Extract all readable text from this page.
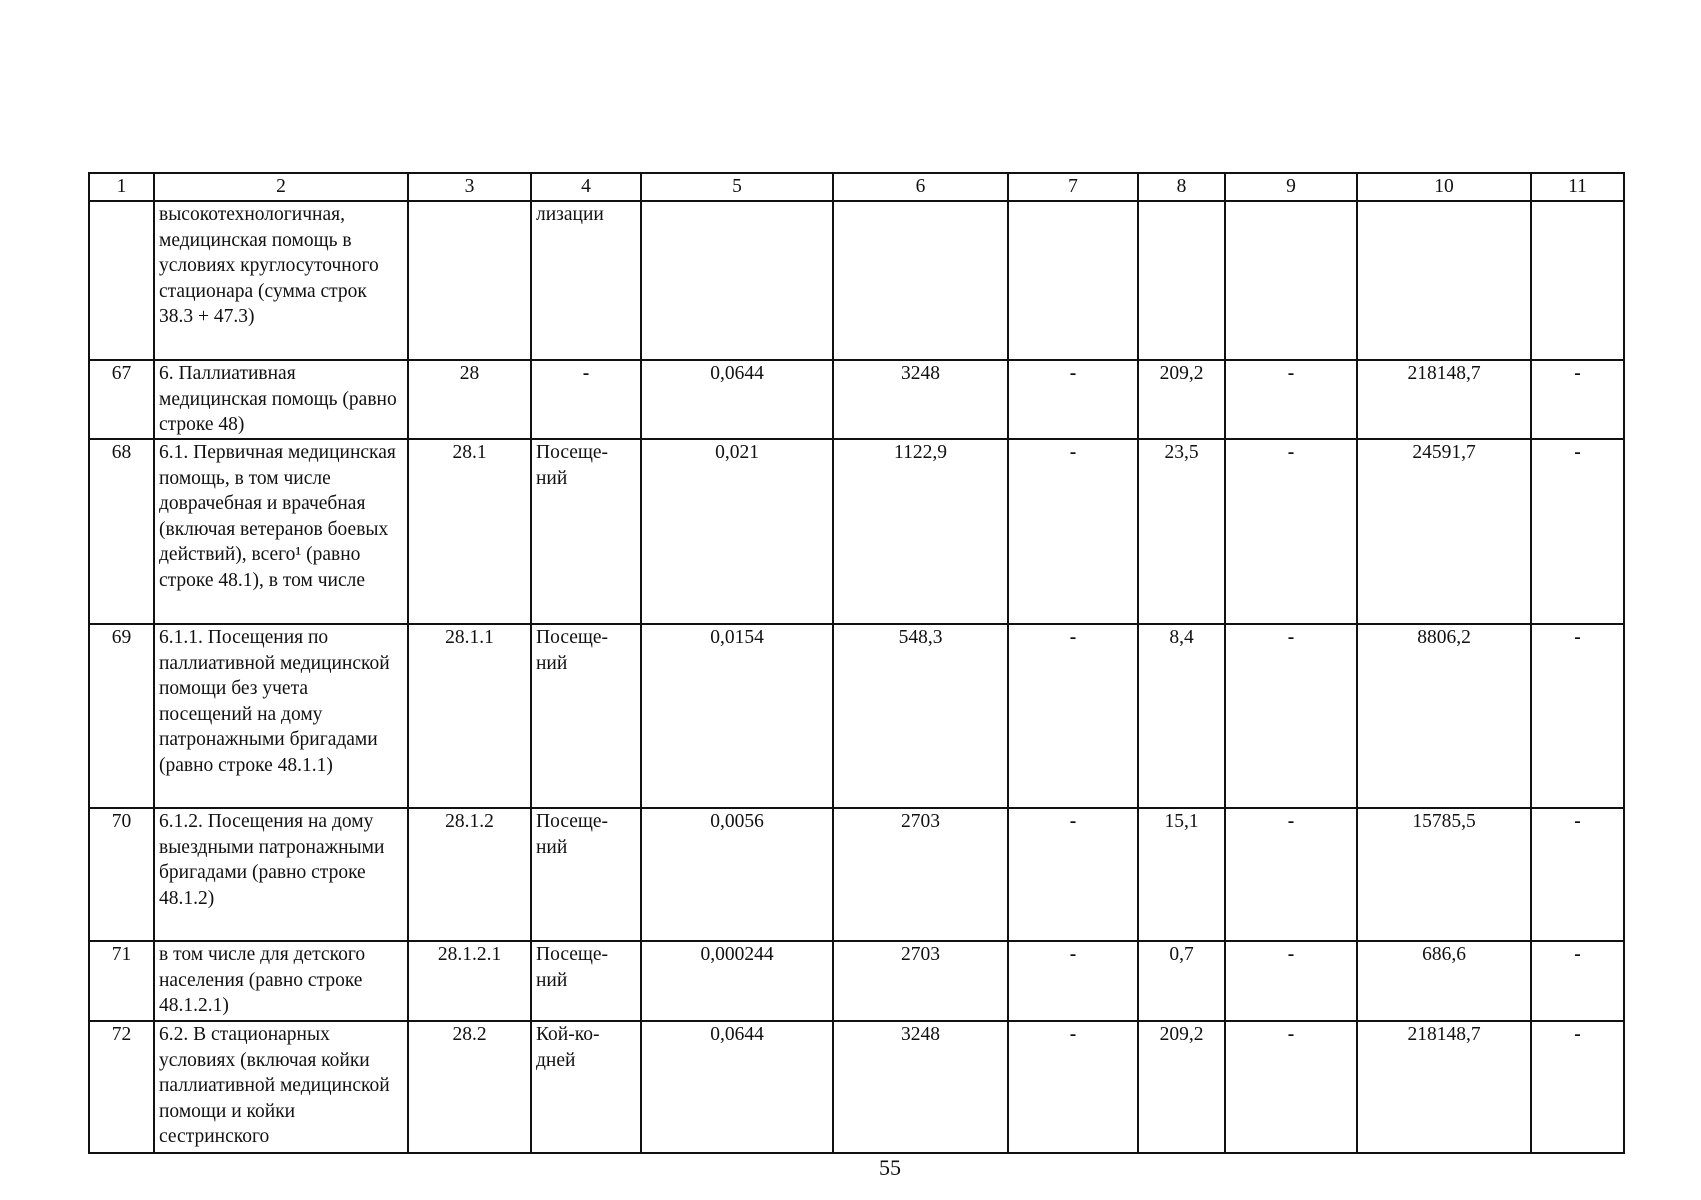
1	2	3	4	5	6	7	8	9	10	11
	высокотехнологичная, медицинская помощь в условиях круглосуточного стационара (сумма строк 38.3 + 47.3)		лизации							
67	6. Паллиативная медицинская помощь (равно строке 48)	28	-	0,0644	3248	-	209,2	-	218148,7	-
68	6.1. Первичная медицинская помощь, в том числе доврачебная и врачебная (включая ветеранов боевых действий), всего¹ (равно строке 48.1), в том числе	28.1	Посеще-ний	0,021	1122,9	-	23,5	-	24591,7	-
69	6.1.1. Посещения по паллиативной медицинской помощи без учета посещений на дому патронажными бригадами (равно строке 48.1.1)	28.1.1	Посеще-ний	0,0154	548,3	-	8,4	-	8806,2	-
70	6.1.2. Посещения на дому выездными патронажными бригадами (равно строке 48.1.2)	28.1.2	Посеще-ний	0,0056	2703	-	15,1	-	15785,5	-
71	в том числе для детского населения (равно строке 48.1.2.1)	28.1.2.1	Посеще-ний	0,000244	2703	-	0,7	-	686,6	-
72	6.2. В стационарных условиях (включая койки паллиативной медицинской помощи и койки сестринского	28.2	Кой-ко-дней	0,0644	3248	-	209,2	-	218148,7	-
55
